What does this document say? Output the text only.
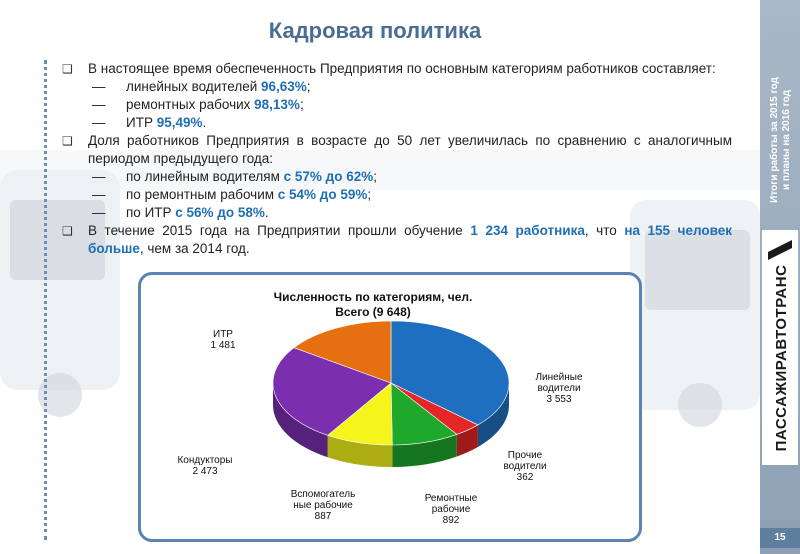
Кадровая политика
❑ В настоящее время обеспеченность Предприятия по основным категориям работников составляет:
— линейных водителей 96,63%;
— ремонтных рабочих 98,13%;
— ИТР 95,49%.
❑ Доля работников Предприятия в возрасте до 50 лет увеличилась по сравнению с аналогичным периодом предыдущего года:
— по линейным водителям с 57% до 62%;
— по ремонтным рабочим с 54% до 59%;
— по ИТР с 56% до 58%.
❑ В течение 2015 года на Предприятии прошли обучение 1 234 работника, что на 155 человек больше, чем за 2014 год.
Итоги работы за 2015 год и планы на 2016 год
ПАССАЖИРАВТОТРАНС
15
Численность по категориям, чел.
Всего (9 648)
Линейные водители 3 553
Прочие водители 362
Ремонтные рабочие 892
Вспомогатель ные рабочие 887
Кондукторы 2 473
ИТР 1 481
